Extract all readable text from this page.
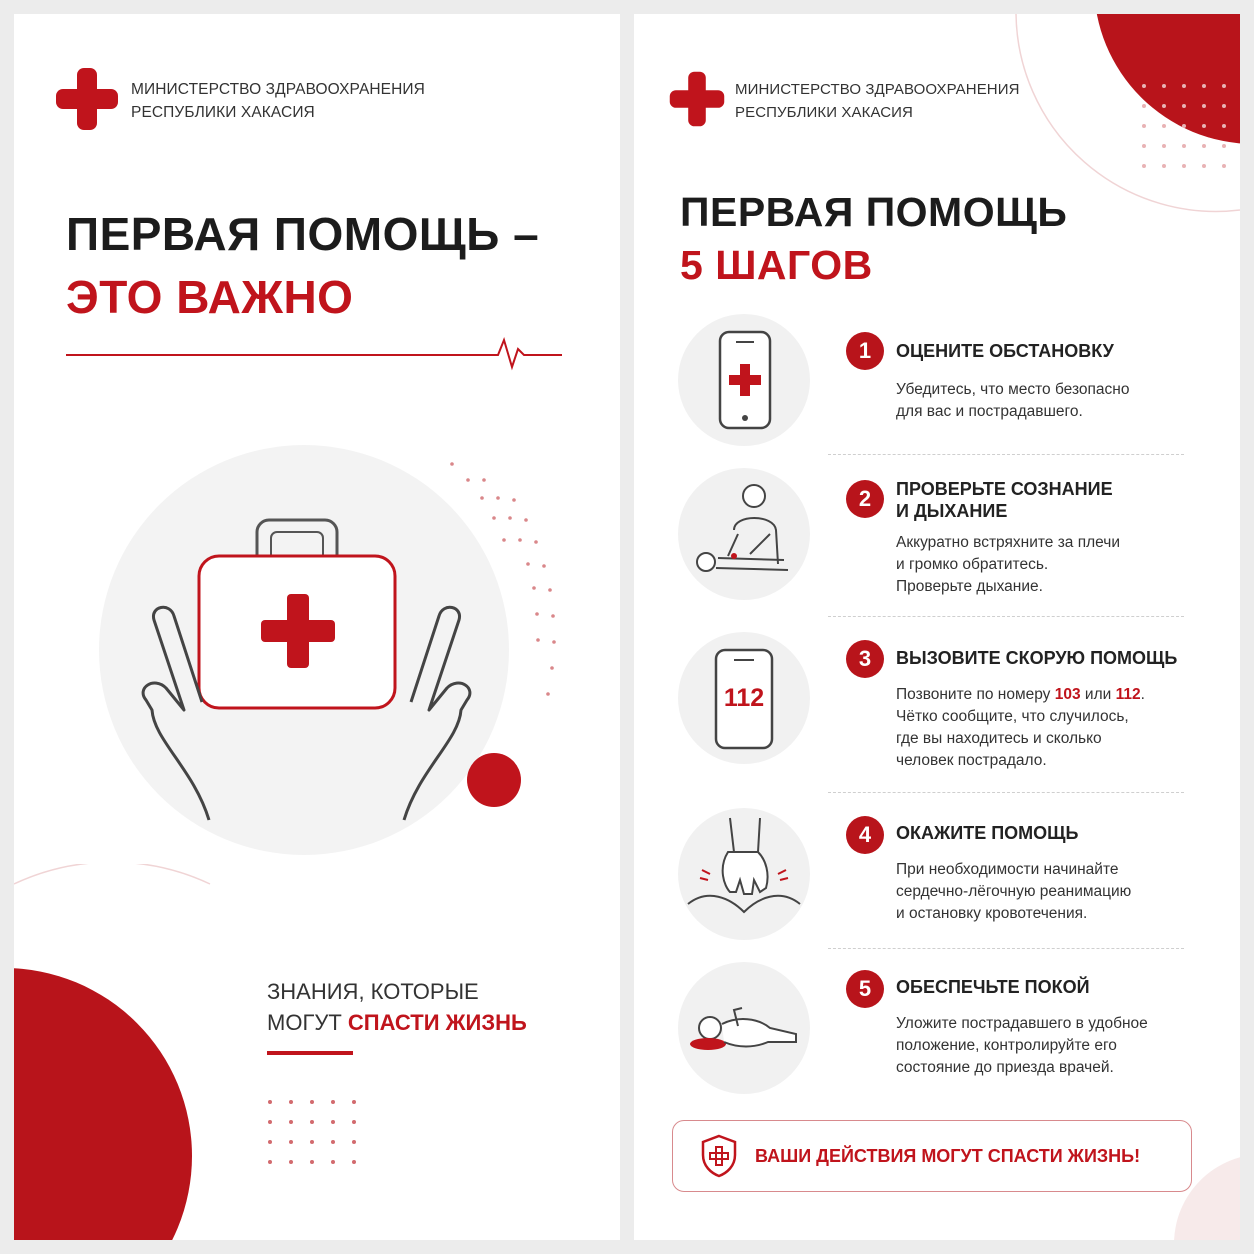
МИНИСТЕРСТВО ЗДРАВООХРАНЕНИЯ
РЕСПУБЛИКИ ХАКАСИЯ
ПЕРВАЯ ПОМОЩЬ –
ЭТО ВАЖНО
ЗНАНИЯ, КОТОРЫЕ
МОГУТ СПАСТИ ЖИЗНЬ
МИНИСТЕРСТВО ЗДРАВООХРАНЕНИЯ
РЕСПУБЛИКИ ХАКАСИЯ
ПЕРВАЯ ПОМОЩЬ
5 ШАГОВ
1	ОЦЕНИТЕ ОБСТАНОВКУ
Убедитесь, что место безопасно
для вас и пострадавшего.
2	ПРОВЕРЬТЕ СОЗНАНИЕ
И ДЫХАНИЕ
Аккуратно встряхните за плечи
и громко обратитесь.
Проверьте дыхание.
112
3	ВЫЗОВИТЕ СКОРУЮ ПОМОЩЬ
Позвоните по номеру 103 или 112.
Чётко сообщите, что случилось,
где вы находитесь и сколько
человек пострадало.
4	ОКАЖИТЕ ПОМОЩЬ
При необходимости начинайте
сердечно-лёгочную реанимацию
и остановку кровотечения.
5	ОБЕСПЕЧЬТЕ ПОКОЙ
Уложите пострадавшего в удобное
положение, контролируйте его
состояние до приезда врачей.
ВАШИ ДЕЙСТВИЯ МОГУТ СПАСТИ ЖИЗНЬ!
